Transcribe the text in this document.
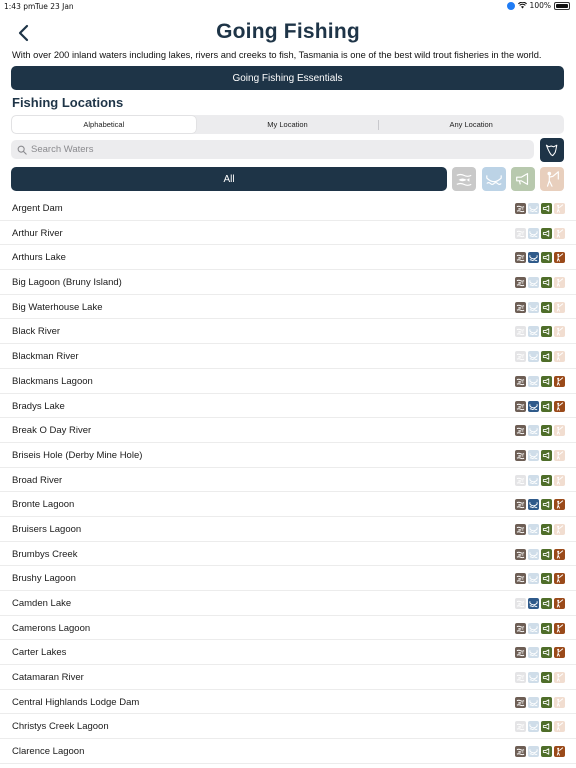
1:43 pm Tue 23 Jan	100%
Going Fishing
With over 200 inland waters including lakes, rivers and creeks to fish, Tasmania is one of the best wild trout fisheries in the world.
Going Fishing Essentials
Fishing Locations
Alphabetical	My Location	Any Location
Search Waters
All
Argent Dam
Arthur River
Arthurs Lake
Big Lagoon (Bruny Island)
Big Waterhouse Lake
Black River
Blackman River
Blackmans Lagoon
Bradys Lake
Break O Day River
Briseis Hole (Derby Mine Hole)
Broad River
Bronte Lagoon
Bruisers Lagoon
Brumbys Creek
Brushy Lagoon
Camden Lake
Camerons Lagoon
Carter Lakes
Catamaran River
Central Highlands Lodge Dam
Christys Creek Lagoon
Clarence Lagoon
